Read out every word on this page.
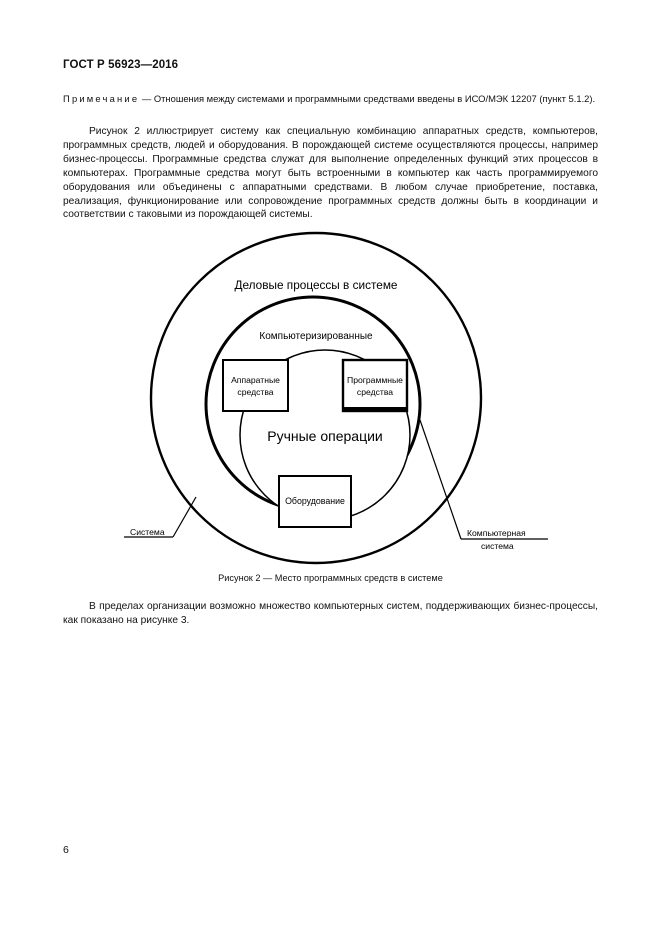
ГОСТ Р 56923—2016
Примечание — Отношения между системами и программными средствами введены в ИСО/МЭК 12207 (пункт 5.1.2).
Рисунок 2 иллюстрирует систему как специальную комбинацию аппаратных средств, компьютеров, программных средств, людей и оборудования. В порождающей системе осуществляются процессы, например бизнес-процессы. Программные средства служат для выполнение определенных функций этих процессов в компьютерах. Программные средства могут быть встроенными в компьютер как часть программируемого оборудования или объединены с аппаратными средствами. В любом случае приобретение, поставка, реализация, функционирование или сопровождение программных средств должны быть в координации и соответствии с таковыми из порождающей системы.
Аппаратные
средства
Программные
средства
Оборудование
Деловые процессы в системе
Компьютеризированные
Ручные операции
Система	Компьютерная
система
Рисунок 2 — Место программных средств в системе
В пределах организации возможно множество компьютерных систем, поддерживающих бизнес-процессы, как показано на рисунке 3.
6
